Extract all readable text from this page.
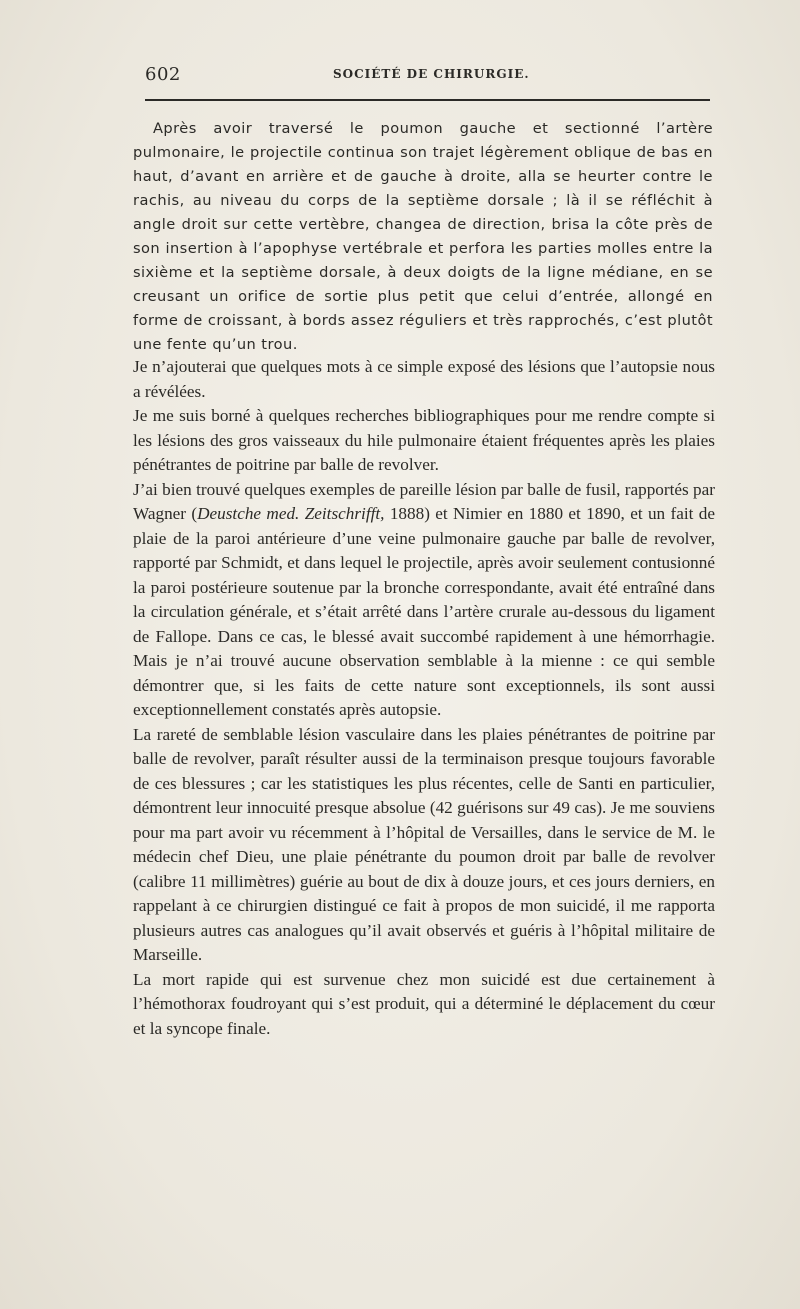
602	SOCIÉTÉ DE CHIRURGIE.

Après avoir traversé le poumon gauche et sectionné l’artère pulmonaire, le projectile continua son trajet légèrement oblique de bas en haut, d’avant en arrière et de gauche à droite, alla se heurter contre le rachis, au niveau du corps de la septième dorsale ; là il se réfléchit à angle droit sur cette vertèbre, changea de direction, brisa la côte près de son insertion à l’apophyse vertébrale et perfora les parties molles entre la sixième et la septième dorsale, à deux doigts de la ligne médiane, en se creusant un orifice de sortie plus petit que celui d’entrée, allongé en forme de croissant, à bords assez réguliers et très rapprochés, c’est plutôt une fente qu’un trou.

Je n’ajouterai que quelques mots à ce simple exposé des lésions que l’autopsie nous a révélées.

Je me suis borné à quelques recherches bibliographiques pour me rendre compte si les lésions des gros vaisseaux du hile pulmonaire étaient fréquentes après les plaies pénétrantes de poitrine par balle de revolver.

J’ai bien trouvé quelques exemples de pareille lésion par balle de fusil, rapportés par Wagner (Deustche med. Zeitschrifft, 1888) et Nimier en 1880 et 1890, et un fait de plaie de la paroi antérieure d’une veine pulmonaire gauche par balle de revolver, rapporté par Schmidt, et dans lequel le projectile, après avoir seulement contusionné la paroi postérieure soutenue par la bronche correspondante, avait été entraîné dans la circulation générale, et s’était arrêté dans l’artère crurale au-dessous du ligament de Fallope. Dans ce cas, le blessé avait succombé rapidement à une hémorrhagie. Mais je n’ai trouvé aucune observation semblable à la mienne : ce qui semble démontrer que, si les faits de cette nature sont exceptionnels, ils sont aussi exceptionnellement constatés après autopsie.

La rareté de semblable lésion vasculaire dans les plaies pénétrantes de poitrine par balle de revolver, paraît résulter aussi de la terminaison presque toujours favorable de ces blessures ; car les statistiques les plus récentes, celle de Santi en particulier, démontrent leur innocuité presque absolue (42 guérisons sur 49 cas). Je me souviens pour ma part avoir vu récemment à l’hôpital de Versailles, dans le service de M. le médecin chef Dieu, une plaie pénétrante du poumon droit par balle de revolver (calibre 11 millimètres) guérie au bout de dix à douze jours, et ces jours derniers, en rappelant à ce chirurgien distingué ce fait à propos de mon suicidé, il me rapporta plusieurs autres cas analogues qu’il avait observés et guéris à l’hôpital militaire de Marseille.

La mort rapide qui est survenue chez mon suicidé est due certainement à l’hémothorax foudroyant qui s’est produit, qui a déterminé le déplacement du cœur et la syncope finale.
